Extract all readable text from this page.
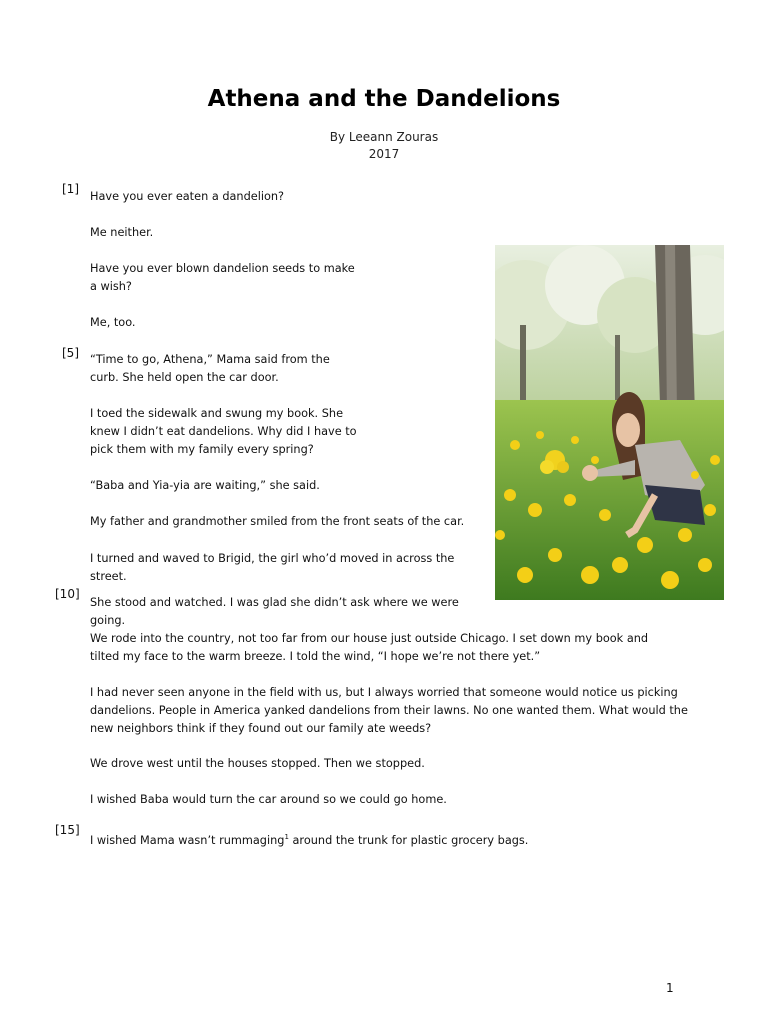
Athena and the Dandelions
By Leeann Zouras
2017
[1]
[5]
[10]
[15]
Have you ever eaten a dandelion?
Me neither.
Have you ever blown dandelion seeds to make a wish?
Me, too.
“Time to go, Athena,” Mama said from the curb. She held open the car door.
I toed the sidewalk and swung my book. She knew I didn’t eat dandelions. Why did I have to pick them with my family every spring?
“Baba and Yia-yia are waiting,” she said.
My father and grandmother smiled from the front seats of the car.
I turned and waved to Brigid, the girl who’d moved in across the street.
She stood and watched. I was glad she didn’t ask where we were going.
We rode into the country, not too far from our house just outside Chicago. I set down my book and tilted my face to the warm breeze. I told the wind, “I hope we’re not there yet.”
I had never seen anyone in the field with us, but I always worried that someone would notice us picking dandelions. People in America yanked dandelions from their lawns. No one wanted them. What would the new neighbors think if they found out our family ate weeds?
We drove west until the houses stopped. Then we stopped.
I wished Baba would turn the car around so we could go home.
I wished Mama wasn’t rummaging$^1$ around the trunk for plastic grocery bags.
1
